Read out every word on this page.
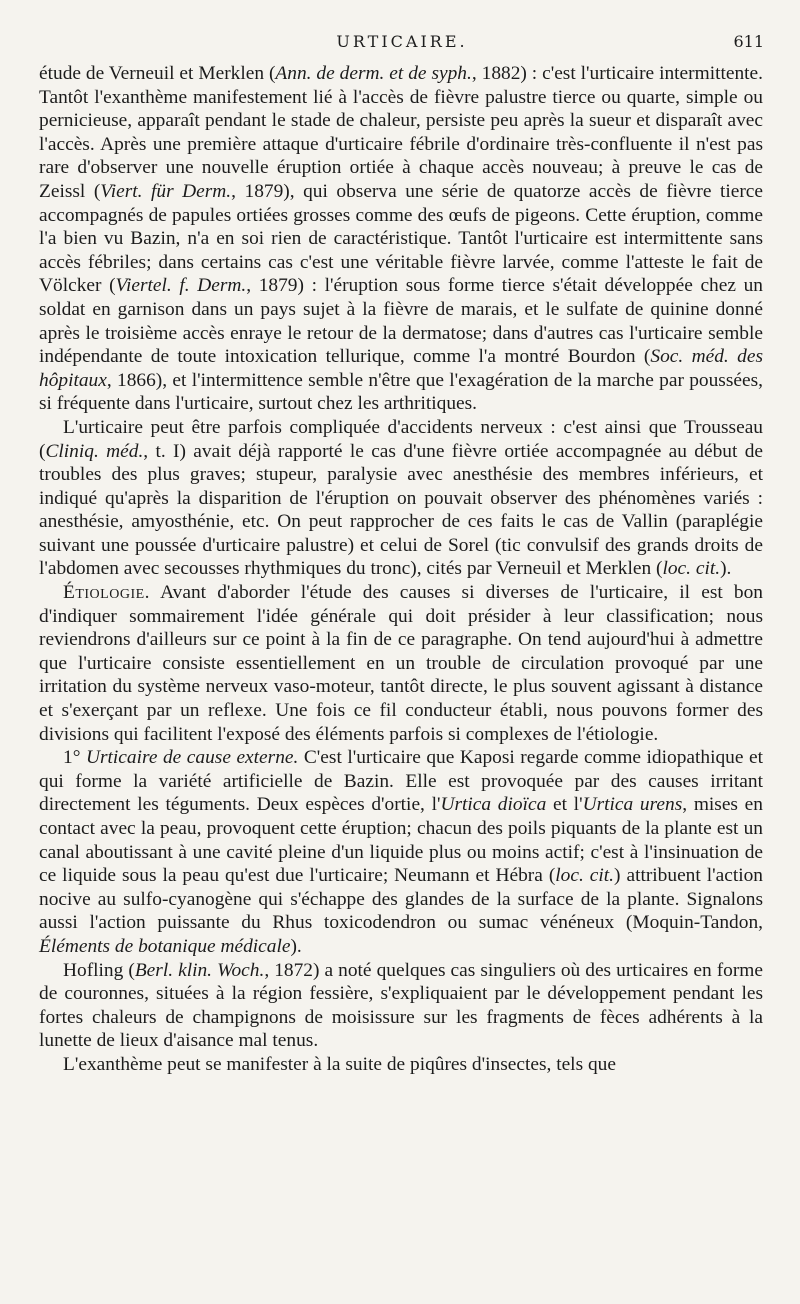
URTICAIRE.	611

étude de Verneuil et Merklen (Ann. de derm. et de syph., 1882) : c'est l'urticaire intermittente. Tantôt l'exanthème manifestement lié à l'accès de fièvre palustre tierce ou quarte, simple ou pernicieuse, apparaît pendant le stade de chaleur, persiste peu après la sueur et disparaît avec l'accès. Après une première attaque d'urticaire fébrile d'ordinaire très-confluente il n'est pas rare d'observer une nouvelle éruption ortiée à chaque accès nouveau; à preuve le cas de Zeissl (Viert. für Derm., 1879), qui observa une série de quatorze accès de fièvre tierce accompagnés de papules ortiées grosses comme des œufs de pigeons. Cette éruption, comme l'a bien vu Bazin, n'a en soi rien de caractéristique. Tantôt l'urticaire est intermittente sans accès fébriles; dans certains cas c'est une véritable fièvre larvée, comme l'atteste le fait de Völcker (Viertel. f. Derm., 1879) : l'éruption sous forme tierce s'était développée chez un soldat en garnison dans un pays sujet à la fièvre de marais, et le sulfate de quinine donné après le troisième accès enraye le retour de la dermatose; dans d'autres cas l'urticaire semble indépendante de toute intoxication tellurique, comme l'a montré Bourdon (Soc. méd. des hôpitaux, 1866), et l'intermittence semble n'être que l'exagération de la marche par poussées, si fréquente dans l'urticaire, surtout chez les arthritiques.

L'urticaire peut être parfois compliquée d'accidents nerveux : c'est ainsi que Trousseau (Cliniq. méd., t. I) avait déjà rapporté le cas d'une fièvre ortiée accompagnée au début de troubles des plus graves; stupeur, paralysie avec anesthésie des membres inférieurs, et indiqué qu'après la disparition de l'éruption on pouvait observer des phénomènes variés : anesthésie, amyosthénie, etc. On peut rapprocher de ces faits le cas de Vallin (paraplégie suivant une poussée d'urticaire palustre) et celui de Sorel (tic convulsif des grands droits de l'abdomen avec secousses rhythmiques du tronc), cités par Verneuil et Merklen (loc. cit.).

Étiologie. Avant d'aborder l'étude des causes si diverses de l'urticaire, il est bon d'indiquer sommairement l'idée générale qui doit présider à leur classification; nous reviendrons d'ailleurs sur ce point à la fin de ce paragraphe. On tend aujourd'hui à admettre que l'urticaire consiste essentiellement en un trouble de circulation provoqué par une irritation du système nerveux vaso-moteur, tantôt directe, le plus souvent agissant à distance et s'exerçant par un reflexe. Une fois ce fil conducteur établi, nous pouvons former des divisions qui facilitent l'exposé des éléments parfois si complexes de l'étiologie.

1° Urticaire de cause externe. C'est l'urticaire que Kaposi regarde comme idiopathique et qui forme la variété artificielle de Bazin. Elle est provoquée par des causes irritant directement les téguments. Deux espèces d'ortie, l'Urtica dioïca et l'Urtica urens, mises en contact avec la peau, provoquent cette éruption; chacun des poils piquants de la plante est un canal aboutissant à une cavité pleine d'un liquide plus ou moins actif; c'est à l'insinuation de ce liquide sous la peau qu'est due l'urticaire; Neumann et Hébra (loc. cit.) attribuent l'action nocive au sulfo-cyanogène qui s'échappe des glandes de la surface de la plante. Signalons aussi l'action puissante du Rhus toxicodendron ou sumac vénéneux (Moquin-Tandon, Éléments de botanique médicale).

Hofling (Berl. klin. Woch., 1872) a noté quelques cas singuliers où des urticaires en forme de couronnes, situées à la région fessière, s'expliquaient par le développement pendant les fortes chaleurs de champignons de moisissure sur les fragments de fèces adhérents à la lunette de lieux d'aisance mal tenus.

L'exanthème peut se manifester à la suite de piqûres d'insectes, tels que
